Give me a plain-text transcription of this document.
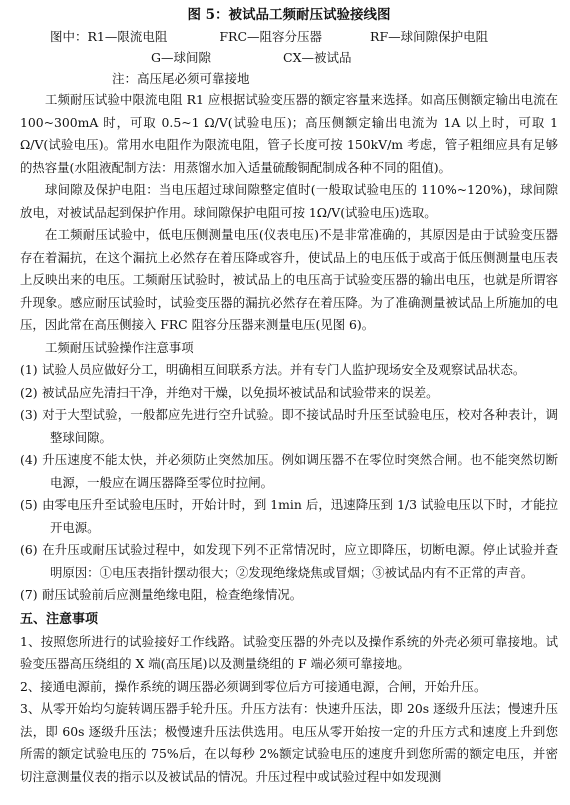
图 5：被试品工频耐压试验接线图
图中：R1—限流电阻	FRC—阻容分压器	RF—球间隙保护电阻
G—球间隙	CX—被试品
注：高压尾必须可靠接地

工频耐压试验中限流电阻 R1 应根据试验变压器的额定容量来选择。如高压侧额定输出电流在 100~300mA 时，可取 0.5~1 Ω/V(试验电压)；高压侧额定输出电流为 1A 以上时，可取 1 Ω/V(试验电压)。常用水电阻作为限流电阻，管子长度可按 150kV/m 考虑，管子粗细应具有足够的热容量(水阻液配制方法：用蒸馏水加入适量硫酸铜配制成各种不同的阻值)。

球间隙及保护电阻：当电压超过球间隙整定值时(一般取试验电压的 110%~120%)，球间隙放电，对被试品起到保护作用。球间隙保护电阻可按 1Ω/V(试验电压)选取。

在工频耐压试验中，低电压侧测量电压(仪表电压)不是非常准确的，其原因是由于试验变压器存在着漏抗，在这个漏抗上必然存在着压降或容升，使试品上的电压低于或高于低压侧测量电压表上反映出来的电压。工频耐压试验时，被试品上的电压高于试验变压器的输出电压，也就是所谓容升现象。感应耐压试验时，试验变压器的漏抗必然存在着压降。为了准确测量被试品上所施加的电压，因此常在高压侧接入 FRC 阻容分压器来测量电压(见图 6)。

工频耐压试验操作注意事项

(1) 试验人员应做好分工，明确相互间联系方法。并有专门人监护现场安全及观察试品状态。

(2) 被试品应先清扫干净，并绝对干燥，以免损坏被试品和试验带来的误差。

(3) 对于大型试验，一般都应先进行空升试验。即不接试品时升压至试验电压，校对各种表计，调整球间隙。

(4) 升压速度不能太快，并必须防止突然加压。例如调压器不在零位时突然合闸。也不能突然切断电源，一般应在调压器降至零位时拉闸。

(5) 由零电压升至试验电压时，开始计时，到 1min 后，迅速降压到 1/3 试验电压以下时，才能拉开电源。

(6) 在升压或耐压试验过程中，如发现下列不正常情况时，应立即降压，切断电源。停止试验并查明原因：①电压表指针摆动很大；②发现绝缘烧焦或冒烟；③被试品内有不正常的声音。

(7) 耐压试验前后应测量绝缘电阻，检查绝缘情况。

五、注意事项

1、按照您所进行的试验接好工作线路。试验变压器的外壳以及操作系统的外壳必须可靠接地。试验变压器高压绕组的 X 端(高压尾)以及测量绕组的 F 端必须可靠接地。

2、接通电源前，操作系统的调压器必须调到零位后方可接通电源，合闸，开始升压。

3、从零开始均匀旋转调压器手轮升压。升压方法有：快速升压法，即 20s 逐级升压法；慢速升压法，即 60s 逐级升压法；极慢速升压法供选用。电压从零开始按一定的升压方式和速度上升到您所需的额定试验电压的 75%后，在以每秒 2%额定试验电压的速度升到您所需的额定电压，并密切注意测量仪表的指示以及被试品的情况。升压过程中或试验过程中如发现测
